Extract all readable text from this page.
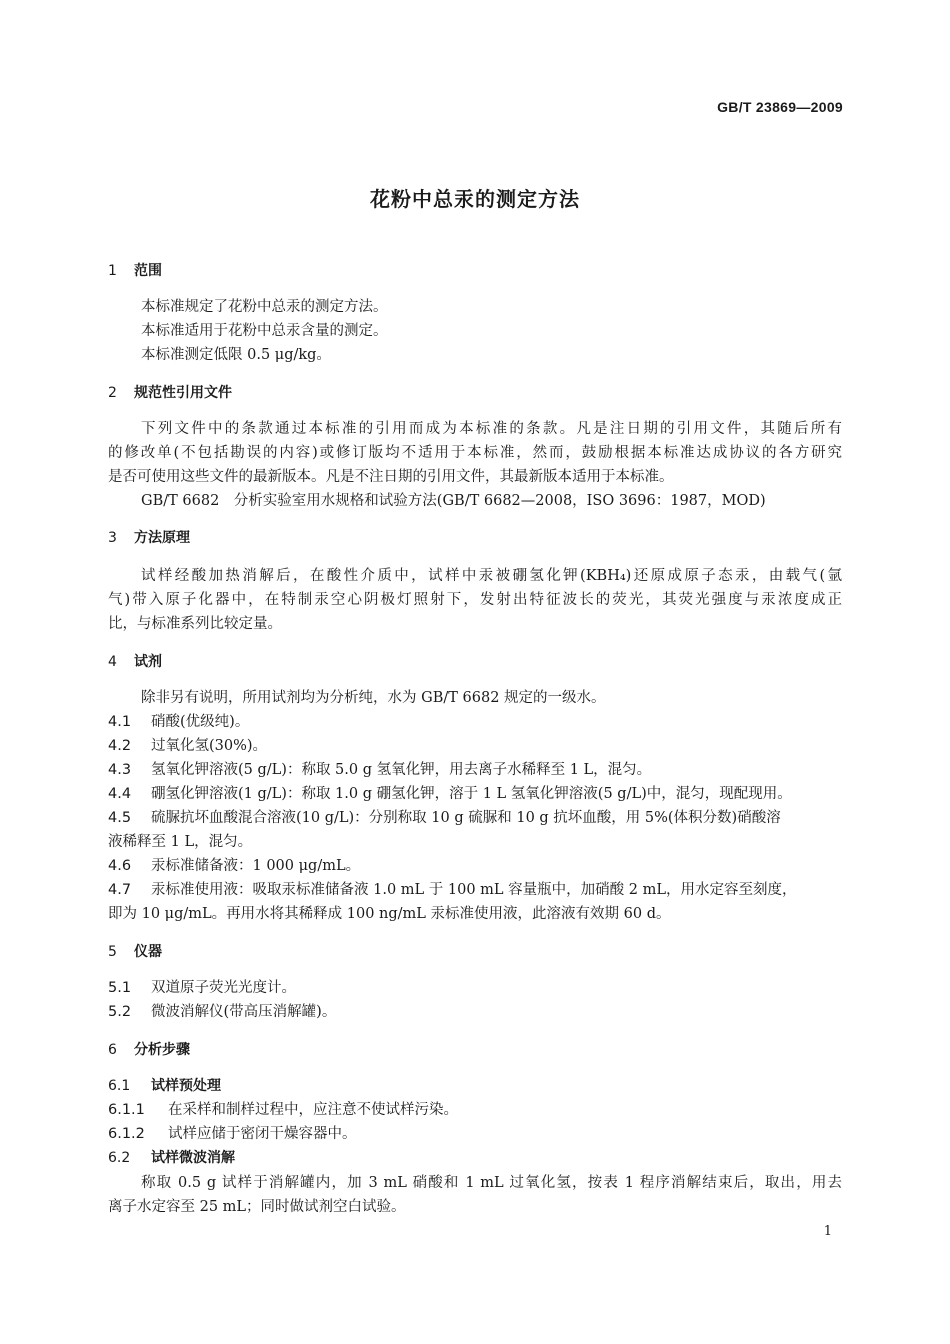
GB/T 23869—2009
花粉中总汞的测定方法
1 范围
本标准规定了花粉中总汞的测定方法。
本标准适用于花粉中总汞含量的测定。
本标准测定低限 0.5 μg/kg。
2 规范性引用文件
下列文件中的条款通过本标准的引用而成为本标准的条款。凡是注日期的引用文件，其随后所有
的修改单(不包括勘误的内容)或修订版均不适用于本标准，然而，鼓励根据本标准达成协议的各方研究
是否可使用这些文件的最新版本。凡是不注日期的引用文件，其最新版本适用于本标准。
GB/T 6682　分析实验室用水规格和试验方法(GB/T 6682—2008，ISO 3696：1987，MOD)
3 方法原理
试样经酸加热消解后，在酸性介质中，试样中汞被硼氢化钾(KBH₄)还原成原子态汞，由载气(氩
气)带入原子化器中，在特制汞空心阴极灯照射下，发射出特征波长的荧光，其荧光强度与汞浓度成正
比，与标准系列比较定量。
4 试剂
除非另有说明，所用试剂均为分析纯，水为 GB/T 6682 规定的一级水。
4.1 硝酸(优级纯)。
4.2 过氧化氢(30%)。
4.3 氢氧化钾溶液(5 g/L)：称取 5.0 g 氢氧化钾，用去离子水稀释至 1 L，混匀。
4.4 硼氢化钾溶液(1 g/L)：称取 1.0 g 硼氢化钾，溶于 1 L 氢氧化钾溶液(5 g/L)中，混匀，现配现用。
4.5 硫脲抗坏血酸混合溶液(10 g/L)：分别称取 10 g 硫脲和 10 g 抗坏血酸，用 5%(体积分数)硝酸溶
液稀释至 1 L，混匀。
4.6 汞标准储备液：1 000 μg/mL。
4.7 汞标准使用液：吸取汞标准储备液 1.0 mL 于 100 mL 容量瓶中，加硝酸 2 mL，用水定容至刻度，
即为 10 μg/mL。再用水将其稀释成 100 ng/mL 汞标准使用液，此溶液有效期 60 d。
5 仪器
5.1 双道原子荧光光度计。
5.2 微波消解仪(带高压消解罐)。
6 分析步骤
6.1 试样预处理
6.1.1 在采样和制样过程中，应注意不使试样污染。
6.1.2 试样应储于密闭干燥容器中。
6.2 试样微波消解
称取 0.5 g 试样于消解罐内，加 3 mL 硝酸和 1 mL 过氧化氢，按表 1 程序消解结束后，取出，用去
离子水定容至 25 mL；同时做试剂空白试验。
1
